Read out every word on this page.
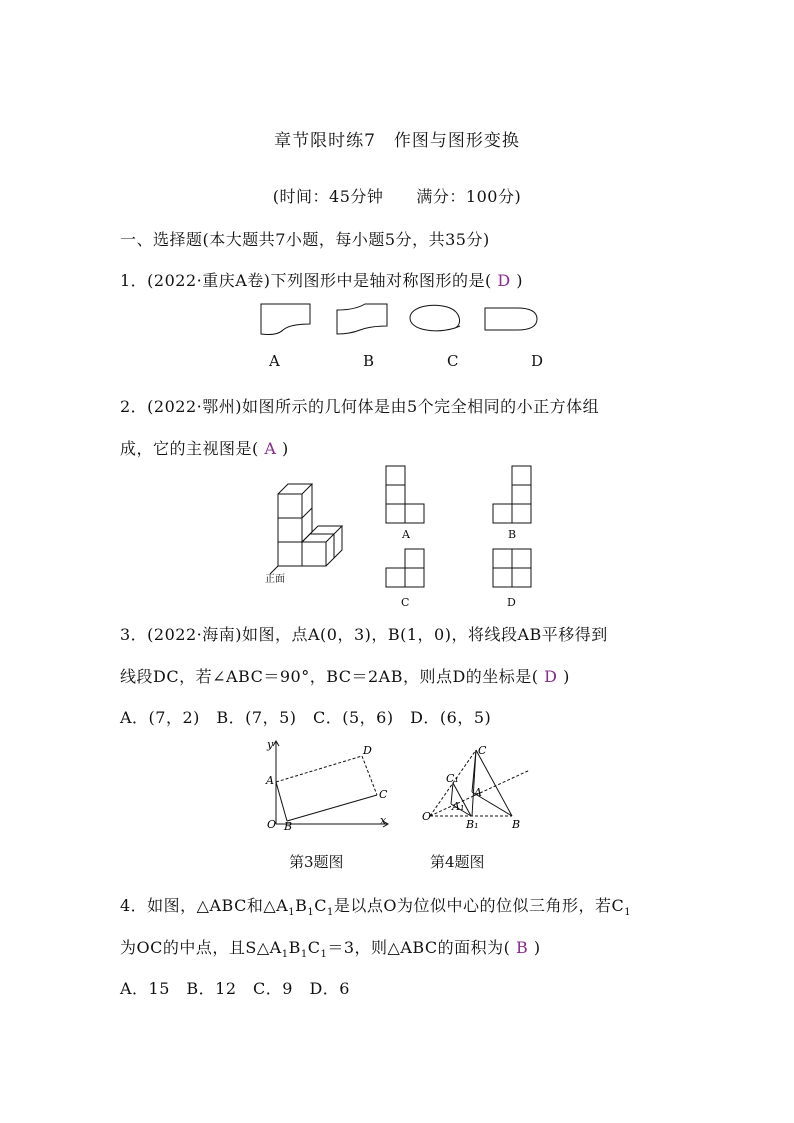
章节限时练7　作图与图形变换
(时间：45分钟　　满分：100分)
一、选择题(本大题共7小题，每小题5分，共35分)
1．(2022·重庆A卷)下列图形中是轴对称图形的是( D )
A	B	C	D
2．(2022·鄂州)如图所示的几何体是由5个完全相同的小正方体组
成，它的主视图是( A )
正面
A	B
C	D
3．(2022·海南)如图，点A(0，3)，B(1，0)，将线段AB平移得到
线段DC，若∠ABC＝90°，BC＝2AB，则点D的坐标是( D )
A．(7，2)　B．(7，5)　C．(5，6)　D．(6，5)
y
x
O
A
B
C
D
O
C
A
B
C₁
A₁
B₁
第3题图	第4题图
4．如图，△ABC和$\triangle A_1B_1C_1$是以点O为位似中心的位似三角形，若$C_1$
为OC的中点，且$S\triangle A_1B_1C_1=3$，则△ABC的面积为( B )
A．15　B．12　C．9　D．6
